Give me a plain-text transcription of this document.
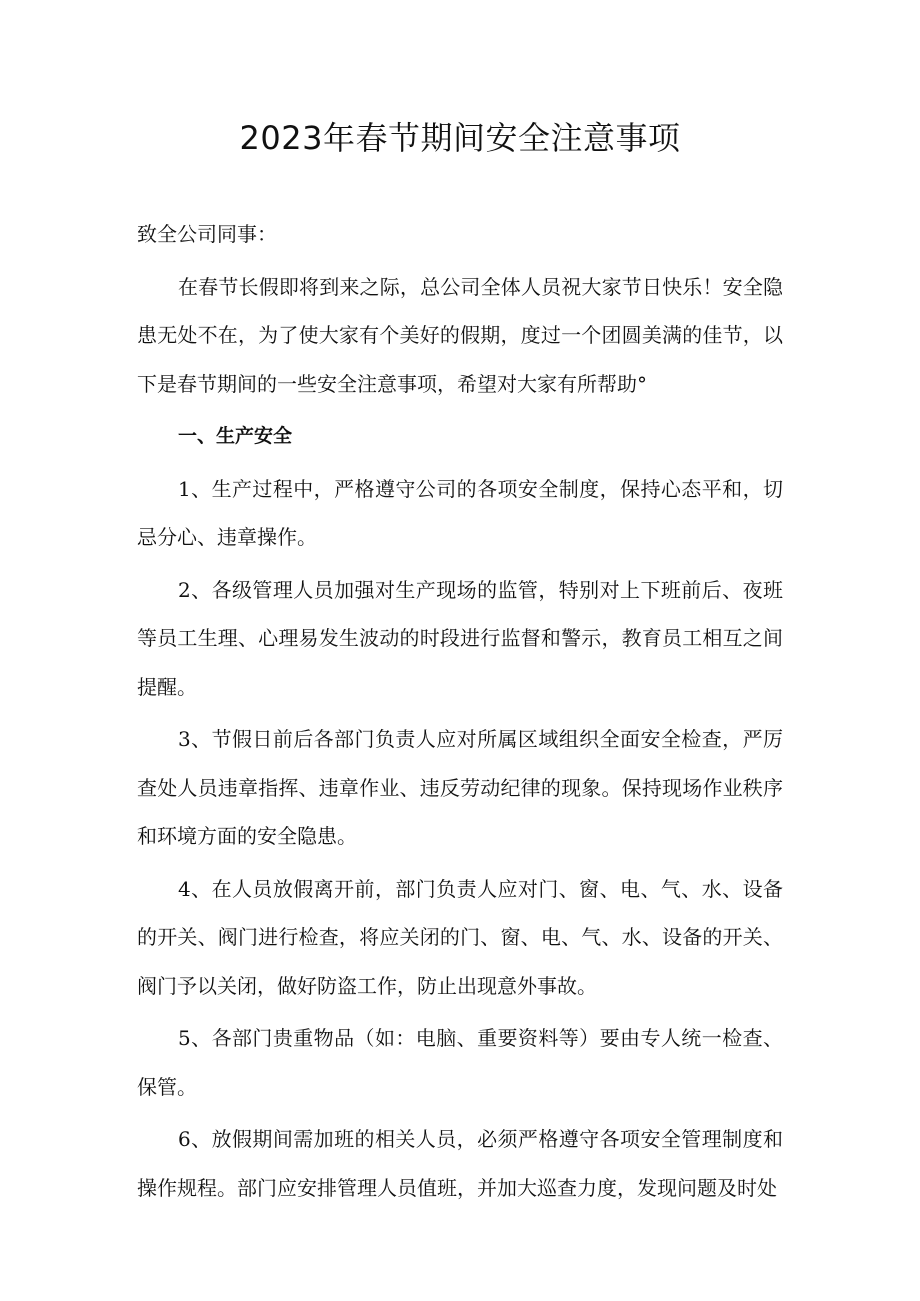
2023年春节期间安全注意事项

致全公司同事：

在春节长假即将到来之际，总公司全体人员祝大家节日快乐！安全隐患无处不在，为了使大家有个美好的假期，度过一个团圆美满的佳节，以下是春节期间的一些安全注意事项，希望对大家有所帮助°

一、生产安全

1、生产过程中，严格遵守公司的各项安全制度，保持心态平和，切忌分心、违章操作。

2、各级管理人员加强对生产现场的监管，特别对上下班前后、夜班等员工生理、心理易发生波动的时段进行监督和警示，教育员工相互之间提醒。

3、节假日前后各部门负责人应对所属区域组织全面安全检查，严厉查处人员违章指挥、违章作业、违反劳动纪律的现象。保持现场作业秩序和环境方面的安全隐患。

4、在人员放假离开前，部门负责人应对门、窗、电、气、水、设备的开关、阀门进行检查，将应关闭的门、窗、电、气、水、设备的开关、阀门予以关闭，做好防盗工作，防止出现意外事故。

5、各部门贵重物品（如：电脑、重要资料等）要由专人统一检查、保管。

6、放假期间需加班的相关人员，必须严格遵守各项安全管理制度和操作规程。部门应安排管理人员值班，并加大巡查力度，发现问题及时处
